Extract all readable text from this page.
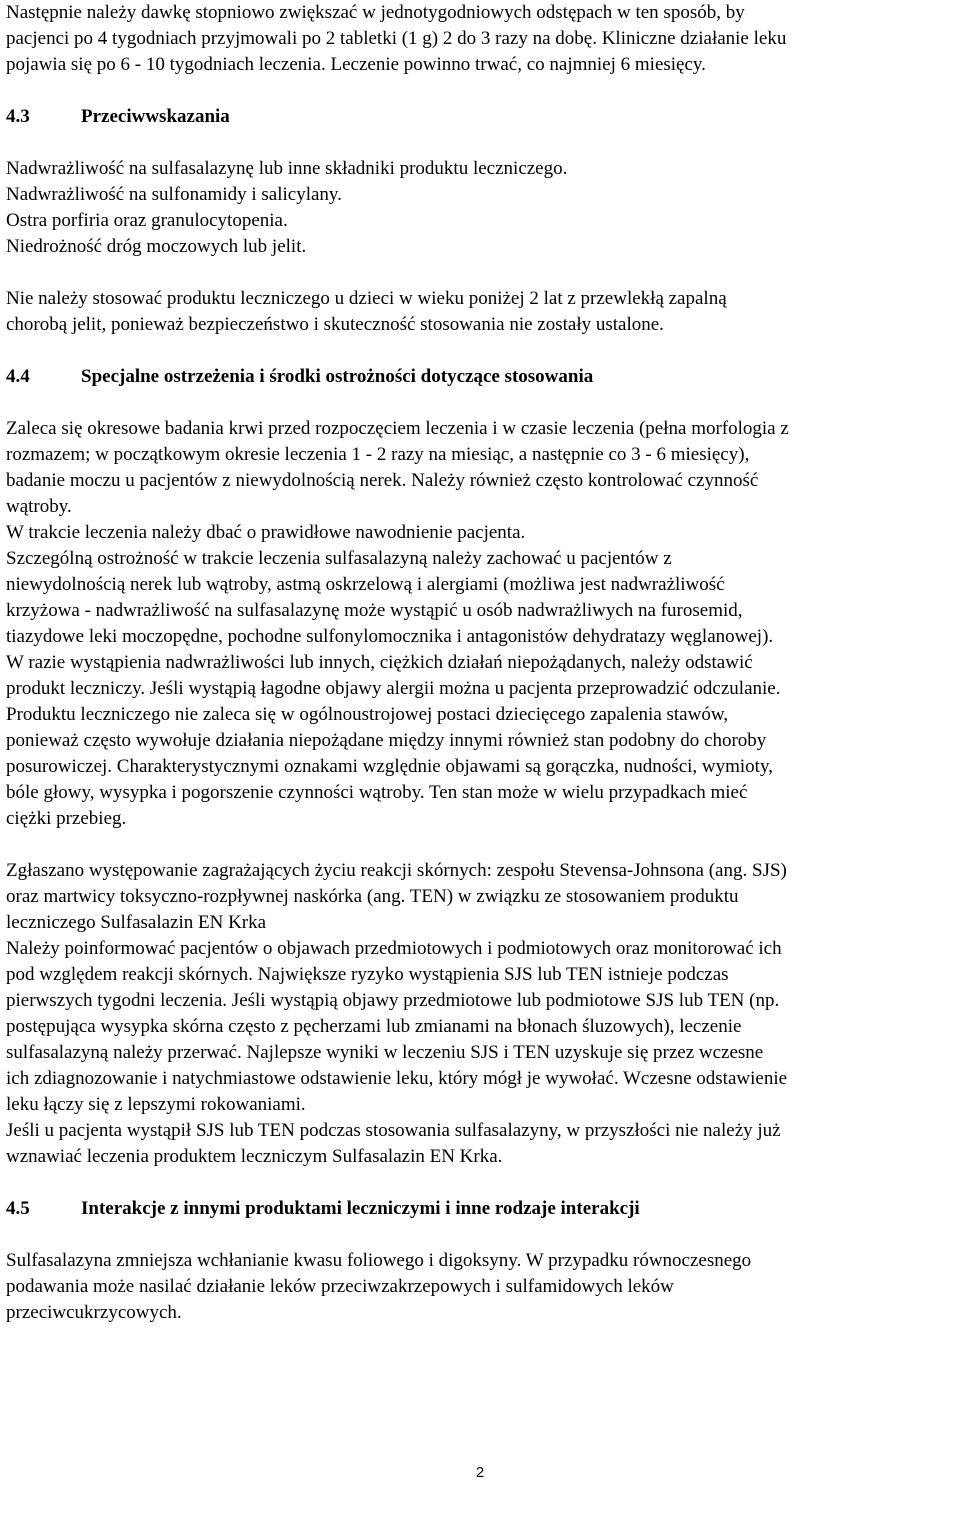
Następnie należy dawkę stopniowo zwiększać w jednotygodniowych odstępach w ten sposób, by

pacjenci po 4 tygodniach przyjmowali po 2 tabletki (1 g) 2 do 3 razy na dobę. Kliniczne działanie leku

pojawia się po 6 - 10 tygodniach leczenia. Leczenie powinno trwać, co najmniej 6 miesięcy.

4.3	Przeciwwskazania

Nadwrażliwość na sulfasalazynę lub inne składniki produktu leczniczego.

Nadwrażliwość na sulfonamidy i salicylany.

Ostra porfiria oraz granulocytopenia.

Niedrożność dróg moczowych lub jelit.

Nie należy stosować produktu leczniczego u dzieci w wieku poniżej 2 lat z przewlekłą zapalną

chorobą jelit, ponieważ bezpieczeństwo i skuteczność stosowania nie zostały ustalone.

4.4	Specjalne ostrzeżenia i środki ostrożności dotyczące stosowania

Zaleca się okresowe badania krwi przed rozpoczęciem leczenia i w czasie leczenia (pełna morfologia z

rozmazem; w początkowym okresie leczenia 1 - 2 razy na miesiąc, a następnie co 3 - 6 miesięcy),

badanie moczu u pacjentów z niewydolnością nerek. Należy również często kontrolować czynność

wątroby.

W trakcie leczenia należy dbać o prawidłowe nawodnienie pacjenta.

Szczególną ostrożność w trakcie leczenia sulfasalazyną należy zachować u pacjentów z

niewydolnością nerek lub wątroby, astmą oskrzelową i alergiami (możliwa jest nadwrażliwość

krzyżowa - nadwrażliwość na sulfasalazynę może wystąpić u osób nadwrażliwych na furosemid,

tiazydowe leki moczopędne, pochodne sulfonylomocznika i antagonistów dehydratazy węglanowej).

W razie wystąpienia nadwrażliwości lub innych, ciężkich działań niepożądanych, należy odstawić

produkt leczniczy. Jeśli wystąpią łagodne objawy alergii można u pacjenta przeprowadzić odczulanie.

Produktu leczniczego nie zaleca się w ogólnoustrojowej postaci dziecięcego zapalenia stawów,

ponieważ często wywołuje działania niepożądane między innymi również stan podobny do choroby

posurowiczej. Charakterystycznymi oznakami względnie objawami są gorączka, nudności, wymioty,

bóle głowy, wysypka i pogorszenie czynności wątroby. Ten stan może w wielu przypadkach mieć

ciężki przebieg.

Zgłaszano występowanie zagrażających życiu reakcji skórnych: zespołu Stevensa-Johnsona (ang. SJS)

oraz martwicy toksyczno-rozpływnej naskórka (ang. TEN) w związku ze stosowaniem produktu

leczniczego Sulfasalazin EN Krka

Należy poinformować pacjentów o objawach przedmiotowych i podmiotowych oraz monitorować ich

pod względem reakcji skórnych. Największe ryzyko wystąpienia SJS lub TEN istnieje podczas

pierwszych tygodni leczenia. Jeśli wystąpią objawy przedmiotowe lub podmiotowe SJS lub TEN (np.

postępująca wysypka skórna często z pęcherzami lub zmianami na błonach śluzowych), leczenie

sulfasalazyną należy przerwać. Najlepsze wyniki w leczeniu SJS i TEN uzyskuje się przez wczesne

ich zdiagnozowanie i natychmiastowe odstawienie leku, który mógł je wywołać. Wczesne odstawienie

leku łączy się z lepszymi rokowaniami.

Jeśli u pacjenta wystąpił SJS lub TEN podczas stosowania sulfasalazyny, w przyszłości nie należy już

wznawiać leczenia produktem leczniczym Sulfasalazin EN Krka.

4.5	Interakcje z innymi produktami leczniczymi i inne rodzaje interakcji

Sulfasalazyna zmniejsza wchłanianie kwasu foliowego i digoksyny. W przypadku równoczesnego

podawania może nasilać działanie leków przeciwzakrzepowych i sulfamidowych leków

przeciwcukrzycowych.

2
